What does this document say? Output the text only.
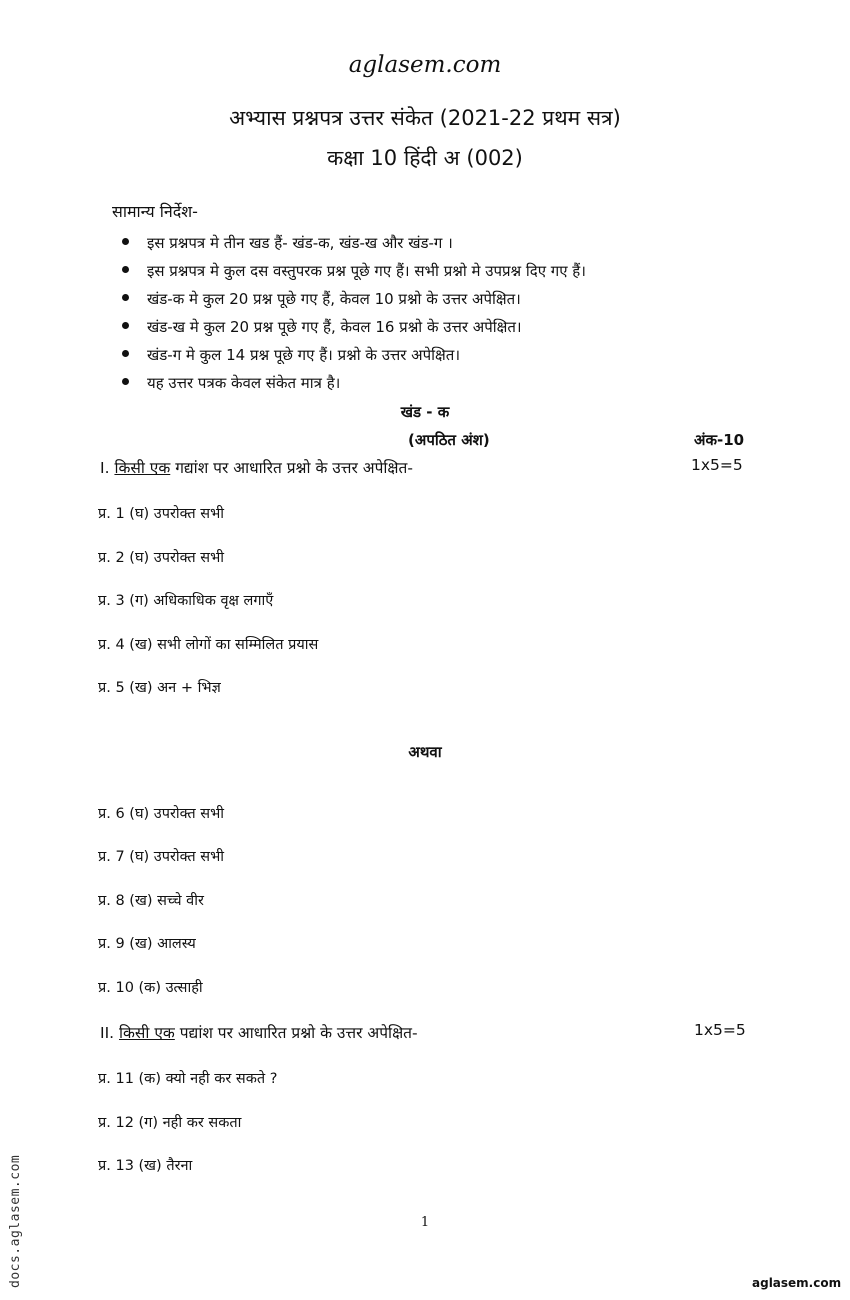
aglasem.com
अभ्यास प्रश्नपत्र उत्तर संकेत (2021-22 प्रथम सत्र)
कक्षा 10 हिंदी अ (002)
सामान्य निर्देश-
इस प्रश्नपत्र मे तीन खड हैं- खंड-क, खंड-ख और खंड-ग ।
इस प्रश्नपत्र मे कुल दस वस्तुपरक प्रश्न पूछे गए हैं। सभी प्रश्नो मे उपप्रश्न दिए गए हैं।
खंड-क मे कुल 20 प्रश्न पूछे गए हैं, केवल 10 प्रश्नो के उत्तर अपेक्षित।
खंड-ख मे कुल 20 प्रश्न पूछे गए हैं, केवल 16 प्रश्नो के उत्तर अपेक्षित।
खंड-ग मे कुल 14 प्रश्न पूछे गए हैं। प्रश्नो के उत्तर अपेक्षित।
यह उत्तर पत्रक केवल संकेत मात्र है।
खंड - क
(अपठित अंश)	अंक-10
I. किसी एक गद्यांश पर आधारित प्रश्नो के उत्तर अपेक्षित-	1x5=5
प्र. 1 (घ) उपरोक्त सभी
प्र. 2 (घ) उपरोक्त सभी
प्र. 3 (ग) अधिकाधिक वृक्ष लगाएँ
प्र. 4 (ख) सभी लोगों का सम्मिलित प्रयास
प्र. 5 (ख) अन + भिज्ञ
अथवा
प्र. 6 (घ) उपरोक्त सभी
प्र. 7 (घ) उपरोक्त सभी
प्र. 8 (ख) सच्चे वीर
प्र. 9 (ख) आलस्य
प्र. 10 (क) उत्साही
II. किसी एक पद्यांश पर आधारित प्रश्नो के उत्तर अपेक्षित-	1x5=5
प्र. 11 (क) क्यो नही कर सकते ?
प्र. 12 (ग) नही कर सकता
प्र. 13 (ख) तैरना
1
docs.aglasem.com	aglasem.com
